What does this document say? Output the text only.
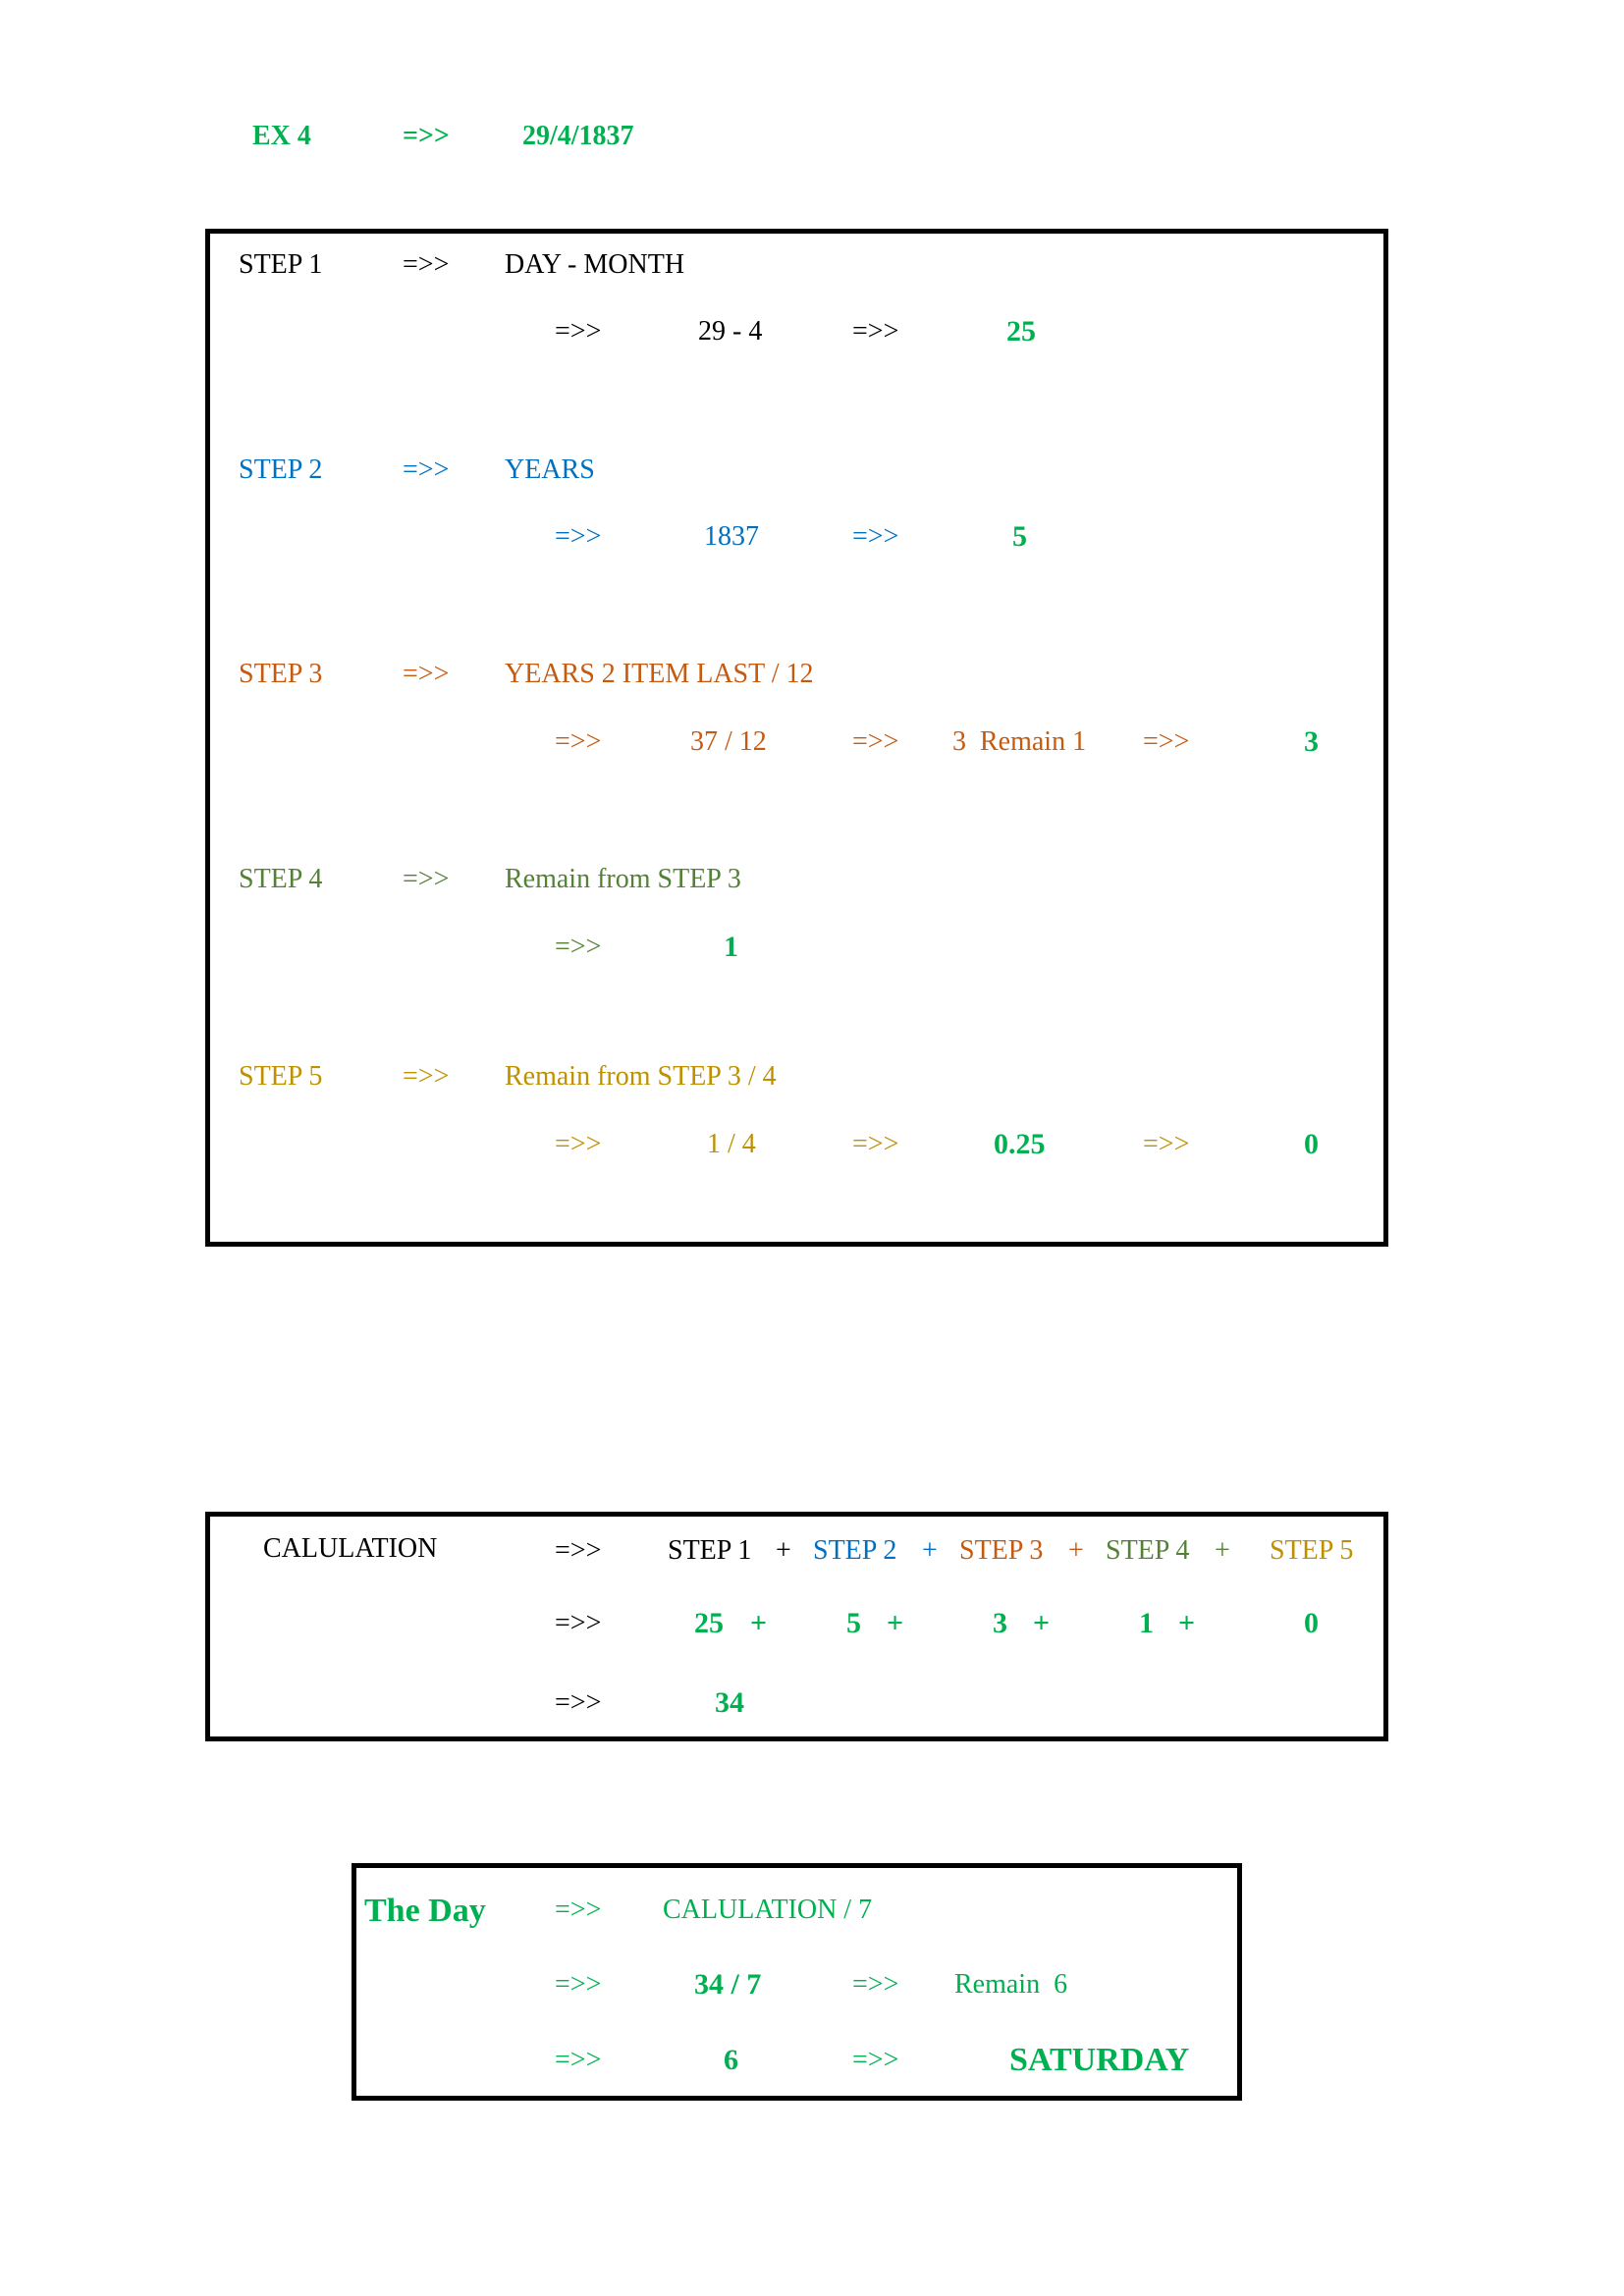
EX 4	=>>	29/4/1837
STEP 1	=>> DAY - MONTH
=>>	29 - 4	=>>	25
STEP 2	=>> YEARS
=>>	1837	=>>	5
STEP 3	=>> YEARS 2 ITEM LAST / 12
=>>	37 / 12	=>> 3  Remain 1 =>>	3
STEP 4	=>> Remain from STEP 3
=>>	1
STEP 5	=>> Remain from STEP 3 / 4
=>>	1 / 4	=>>	0.25	=>>	0
CALULATION	=>> STEP 1 + STEP 2 + STEP 3 + STEP 4 + STEP 5
=>>	25 +	5 +	3 +	1 +	0
=>>	34
The Day	=>> CALULATION / 7
=>>	34 / 7	=>> Remain  6
=>>	6	=>>	SATURDAY
